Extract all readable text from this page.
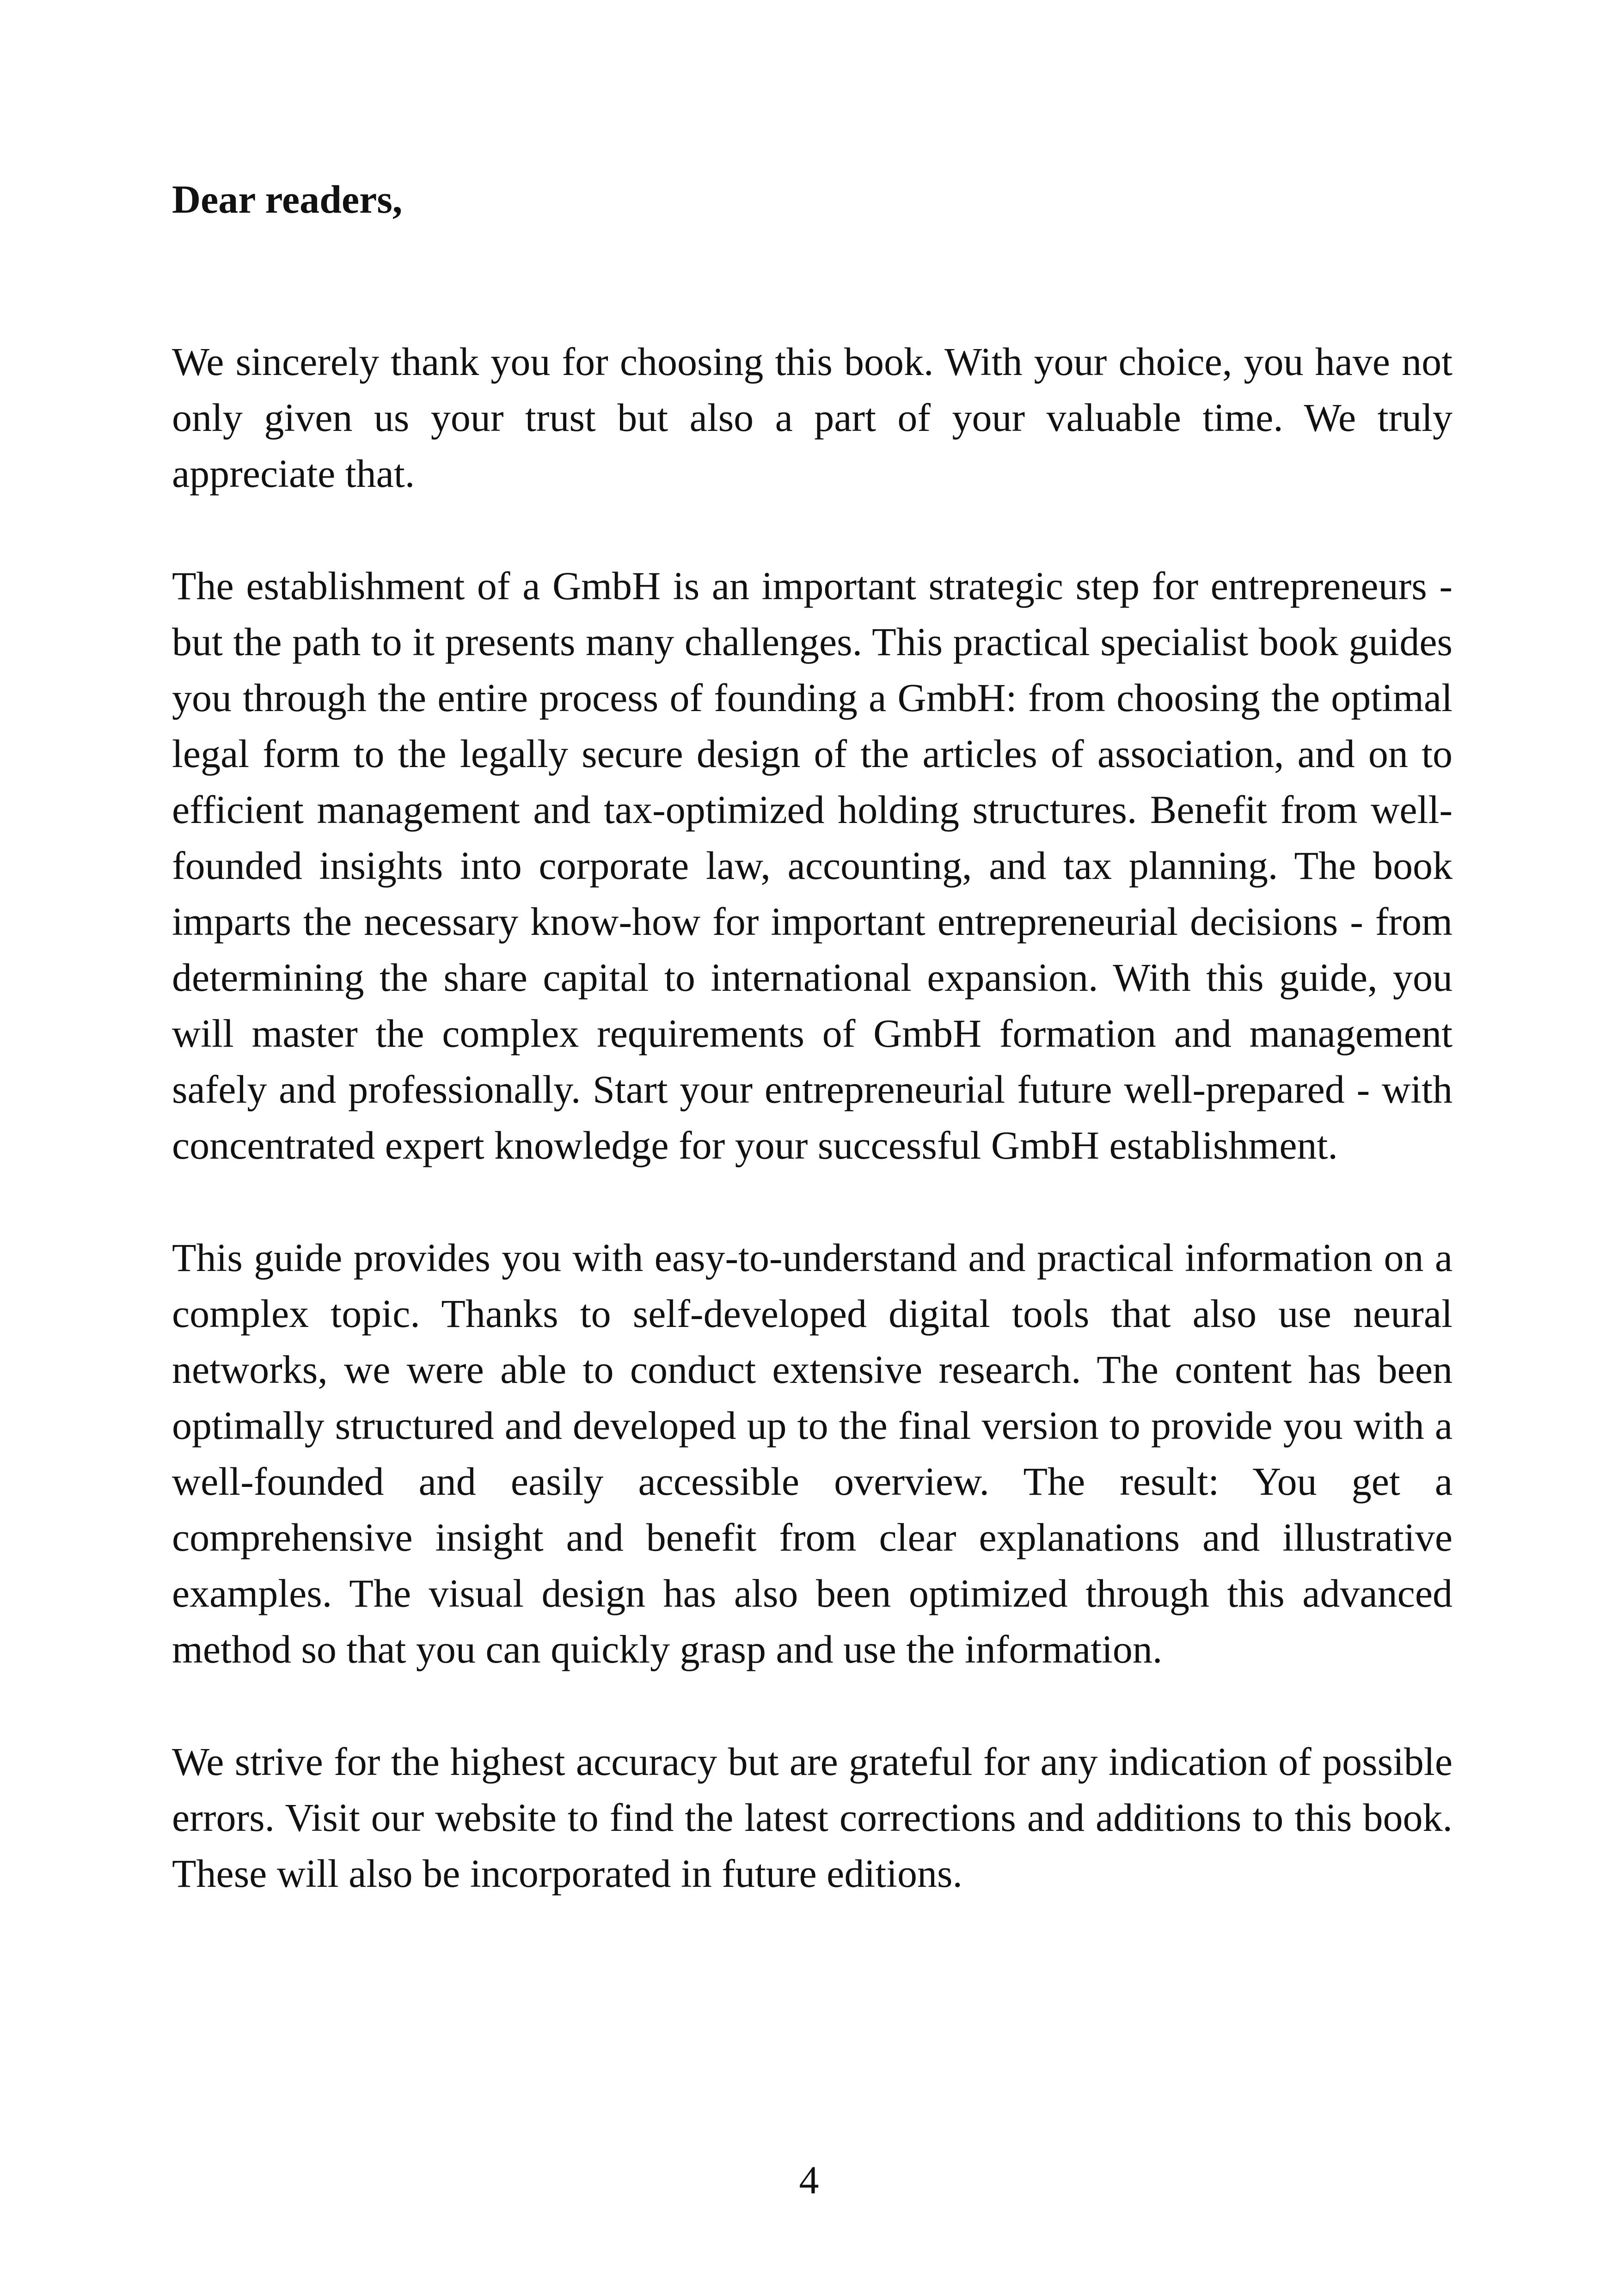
Dear readers,

We sincerely thank you for choosing this book. With your choice, you have not only given us your trust but also a part of your valuable time. We truly appreciate that.

The establishment of a GmbH is an important strategic step for entrepreneurs - but the path to it presents many challenges. This practical specialist book guides you through the entire process of founding a GmbH: from choosing the optimal legal form to the legally secure design of the articles of association, and on to efficient management and tax-optimized holding structures. Benefit from well-founded insights into corporate law, accounting, and tax planning. The book imparts the necessary know-how for important entrepreneurial decisions - from determining the share capital to international expansion. With this guide, you will master the complex requirements of GmbH formation and management safely and professionally. Start your entrepreneurial future well-prepared - with concentrated expert knowledge for your successful GmbH establishment.

This guide provides you with easy-to-understand and practical information on a complex topic. Thanks to self-developed digital tools that also use neural networks, we were able to conduct extensive research. The content has been optimally structured and developed up to the final version to provide you with a well-founded and easily accessible overview. The result: You get a comprehensive insight and benefit from clear explanations and illustrative examples. The visual design has also been optimized through this advanced method so that you can quickly grasp and use the information.

We strive for the highest accuracy but are grateful for any indication of possible errors. Visit our website to find the latest corrections and additions to this book. These will also be incorporated in future editions.

4
